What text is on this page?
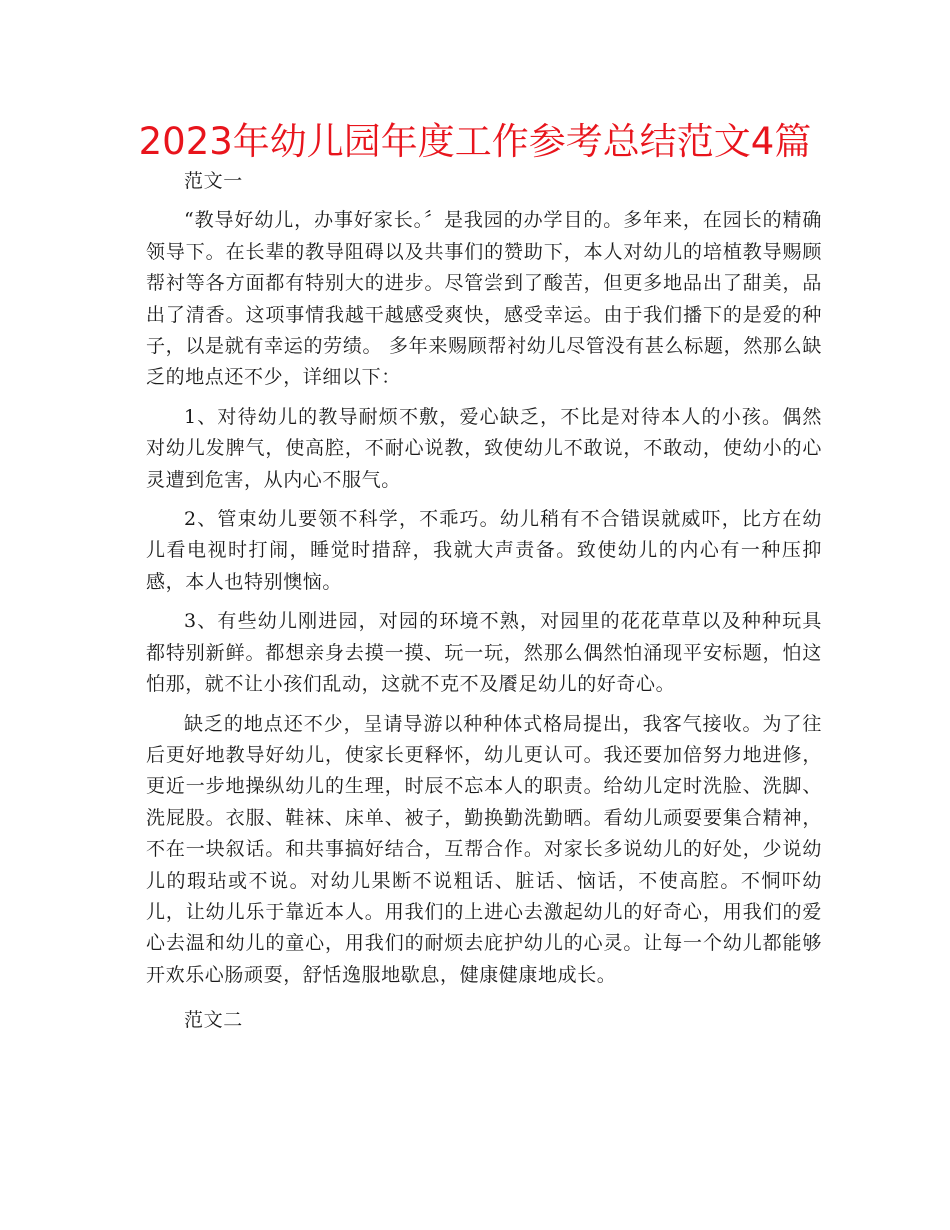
2023年幼儿园年度工作参考总结范文4篇

范文一

“教导好幼儿，办事好家长。〞是我园的办学目的。多年来，在园长的精确领导下。在长辈的教导阻碍以及共事们的赞助下，本人对幼儿的培植教导赐顾帮衬等各方面都有特别大的进步。尽管尝到了酸苦，但更多地品出了甜美，品出了清香。这项事情我越干越感受爽快，感受幸运。由于我们播下的是爱的种子，以是就有幸运的劳绩。 多年来赐顾帮衬幼儿尽管没有甚么标题，然那么缺乏的地点还不少，详细以下：

1、对待幼儿的教导耐烦不敷，爱心缺乏，不比是对待本人的小孩。偶然对幼儿发脾气，使高腔，不耐心说教，致使幼儿不敢说，不敢动，使幼小的心灵遭到危害，从内心不服气。

2、管束幼儿要领不科学，不乖巧。幼儿稍有不合错误就威吓，比方在幼儿看电视时打闹，睡觉时措辞，我就大声责备。致使幼儿的内心有一种压抑感，本人也特别懊恼。

3、有些幼儿刚进园，对园的环境不熟，对园里的花花草草以及种种玩具都特别新鲜。都想亲身去摸一摸、玩一玩，然那么偶然怕涌现平安标题，怕这怕那，就不让小孩们乱动，这就不克不及餍足幼儿的好奇心。

缺乏的地点还不少，呈请导游以种种体式格局提出，我客气接收。为了往后更好地教导好幼儿，使家长更释怀，幼儿更认可。我还要加倍努力地进修，更近一步地操纵幼儿的生理，时辰不忘本人的职责。给幼儿定时洗脸、洗脚、洗屁股。衣服、鞋袜、床单、被子，勤换勤洗勤晒。看幼儿顽耍要集合精神，不在一块叙话。和共事搞好结合，互帮合作。对家长多说幼儿的好处，少说幼儿的瑕玷或不说。对幼儿果断不说粗话、脏话、恼话，不使高腔。不恫吓幼儿，让幼儿乐于靠近本人。用我们的上进心去激起幼儿的好奇心，用我们的爱心去温和幼儿的童心，用我们的耐烦去庇护幼儿的心灵。让每一个幼儿都能够开欢乐心肠顽耍，舒恬逸服地歇息，健康健康地成长。

范文二
